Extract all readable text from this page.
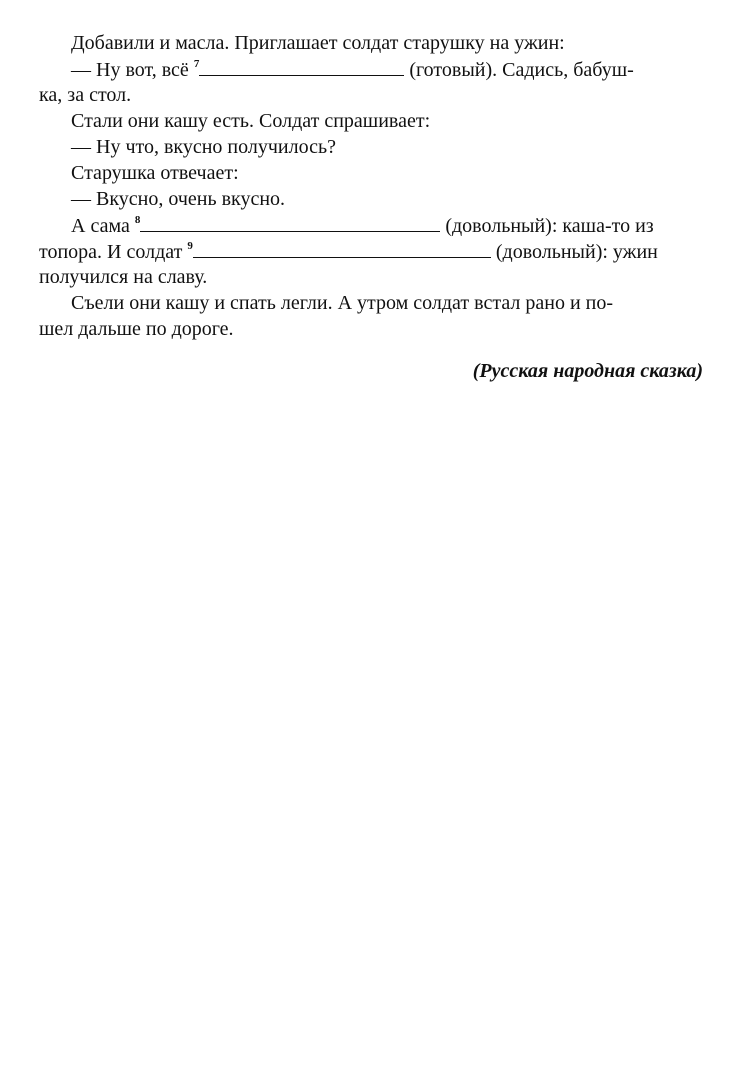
Добавили и масла. Приглашает солдат старушку на ужин:
— Ну вот, всё $^7$	(готовый). Садись, бабуш-
ка, за стол.
Стали они кашу есть. Солдат спрашивает:
— Ну что, вкусно получилось?
Старушка отвечает:
— Вкусно, очень вкусно.
А сама $^8$	(довольный): каша-то из
топора. И солдат $^9$	(довольный): ужин
получился на славу.
Съели они кашу и спать легли. А утром солдат встал рано и по-
шел дальше по дороге.
(Русская народная сказка)
